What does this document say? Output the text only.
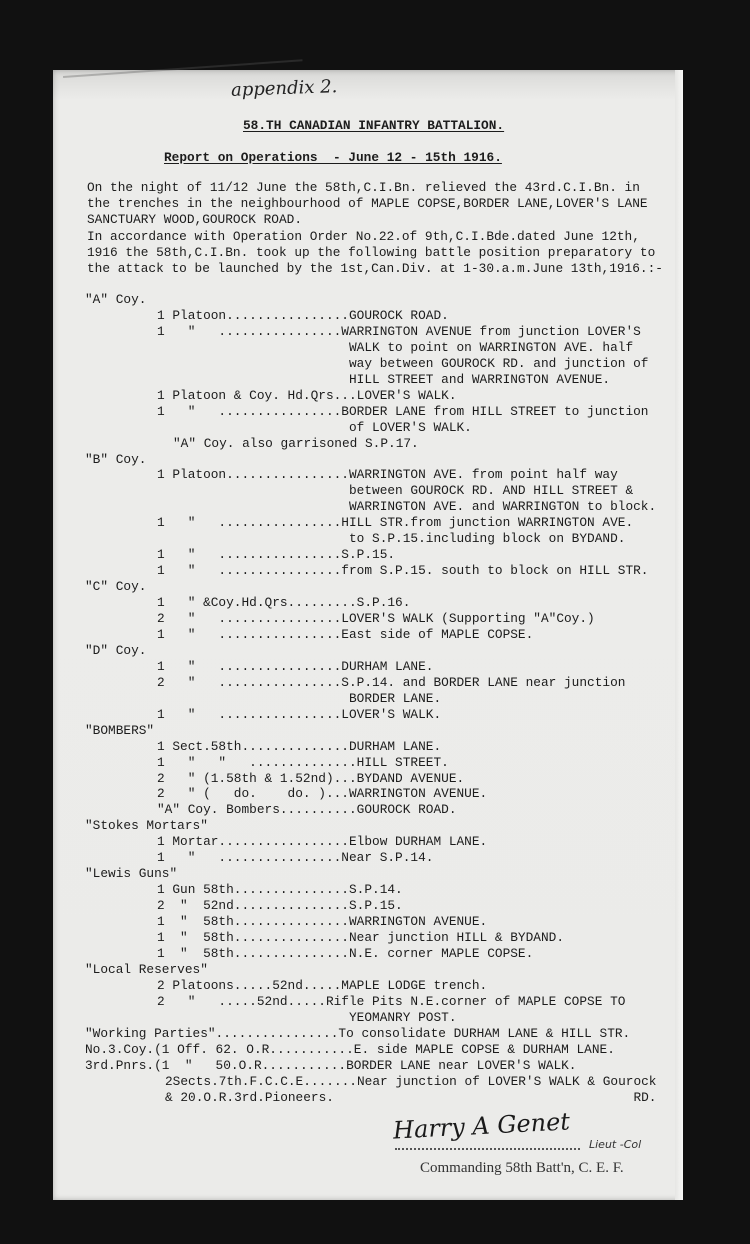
appendix 2.
58.TH CANADIAN INFANTRY BATTALION.
Report on Operations  - June 12 - 15th 1916.
On the night of 11/12 June the 58th,C.I.Bn. relieved the 43rd.C.I.Bn. in
the trenches in the neighbourhood of MAPLE COPSE,BORDER LANE,LOVER'S LANE
SANCTUARY WOOD,GOUROCK ROAD.
In accordance with Operation Order No.22.of 9th,C.I.Bde.dated June 12th,
1916 the 58th,C.I.Bn. took up the following battle position preparatory to
the attack to be launched by the 1st,Can.Div. at 1-30.a.m.June 13th,1916.:-
"A" Coy.
1 Platoon................GOUROCK ROAD.
1   "   ................WARRINGTON AVENUE from junction LOVER'S
WALK to point on WARRINGTON AVE. half
way between GOUROCK RD. and junction of
HILL STREET and WARRINGTON AVENUE.
1 Platoon & Coy. Hd.Qrs...LOVER'S WALK.
1   "   ................BORDER LANE from HILL STREET to junction
of LOVER'S WALK.
"A" Coy. also garrisoned S.P.17.
"B" Coy.
1 Platoon................WARRINGTON AVE. from point half way
between GOUROCK RD. AND HILL STREET &
WARRINGTON AVE. and WARRINGTON to block.
1   "   ................HILL STR.from junction WARRINGTON AVE.
to S.P.15.including block on BYDAND.
1   "   ................S.P.15.
1   "   ................from S.P.15. south to block on HILL STR.
"C" Coy.
1   " &Coy.Hd.Qrs.........S.P.16.
2   "   ................LOVER'S WALK (Supporting "A"Coy.)
1   "   ................East side of MAPLE COPSE.
"D" Coy.
1   "   ................DURHAM LANE.
2   "   ................S.P.14. and BORDER LANE near junction
BORDER LANE.
1   "   ................LOVER'S WALK.
"BOMBERS"
1 Sect.58th..............DURHAM LANE.
1   "   "   ..............HILL STREET.
2   " (1.58th & 1.52nd)...BYDAND AVENUE.
2   " (   do.    do. )...WARRINGTON AVENUE.
"A" Coy. Bombers..........GOUROCK ROAD.
"Stokes Mortars"
1 Mortar.................Elbow DURHAM LANE.
1   "   ................Near S.P.14.
"Lewis Guns"
1 Gun 58th...............S.P.14.
2  "  52nd...............S.P.15.
1  "  58th...............WARRINGTON AVENUE.
1  "  58th...............Near junction HILL & BYDAND.
1  "  58th...............N.E. corner MAPLE COPSE.
"Local Reserves"
2 Platoons.....52nd.....MAPLE LODGE trench.
2   "   .....52nd.....Rifle Pits N.E.corner of MAPLE COPSE TO
YEOMANRY POST.
"Working Parties"................To consolidate DURHAM LANE & HILL STR.
No.3.Coy.(1 Off. 62. O.R...........E. side MAPLE COPSE & DURHAM LANE.
3rd.Pnrs.(1  "   50.O.R...........BORDER LANE near LOVER'S WALK.
2Sects.7th.F.C.C.E.......Near junction of LOVER'S WALK & Gourock
& 20.O.R.3rd.Pioneers.                                       RD.
Harry A Genet Lieut -Col
Commanding 58th Batt'n, C. E. F.
